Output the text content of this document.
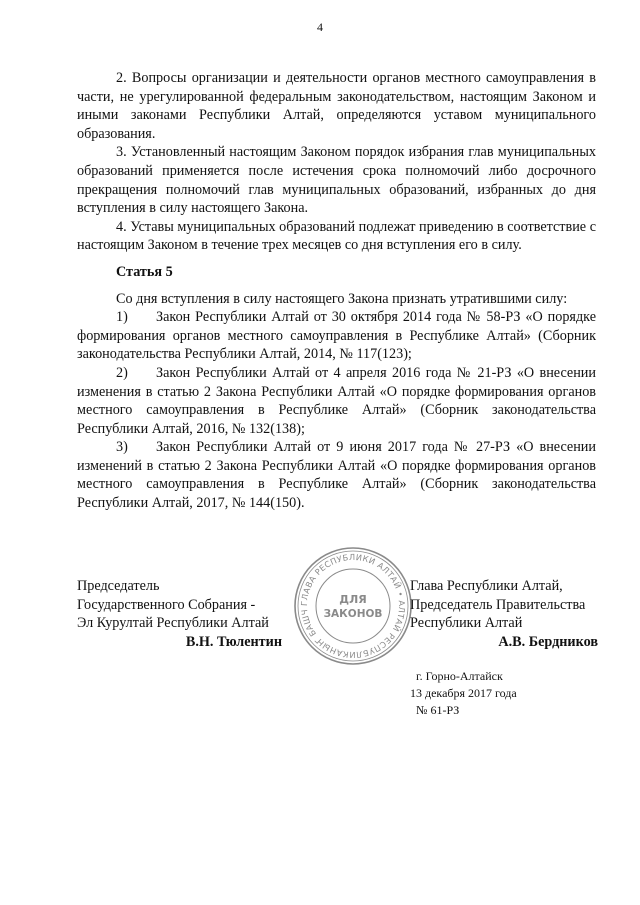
4

2. Вопросы организации и деятельности органов местного самоуправления в части, не урегулированной федеральным законодательством, настоящим Законом и иными законами Республики Алтай, определяются уставом муниципального образования.

3. Установленный настоящим Законом порядок избрания глав муниципальных образований применяется после истечения срока полномочий либо досрочного прекращения полномочий глав муниципальных образований, избранных до дня вступления в силу настоящего Закона.

4. Уставы муниципальных образований подлежат приведению в соответствие с настоящим Законом в течение трех месяцев со дня вступления его в силу.

Статья 5

Со дня вступления в силу настоящего Закона признать утратившими силу:

1) Закон Республики Алтай от 30 октября 2014 года № 58-РЗ «О порядке формирования органов местного самоуправления в Республике Алтай» (Сборник законодательства Республики Алтай, 2014, № 117(123);

2) Закон Республики Алтай от 4 апреля 2016 года № 21-РЗ «О внесении изменения в статью 2 Закона Республики Алтай «О порядке формирования органов местного самоуправления в Республике Алтай» (Сборник законодательства Республики Алтай, 2016, № 132(138);

3) Закон Республики Алтай от 9 июня 2017 года № 27-РЗ «О внесении изменений в статью 2 Закона Республики Алтай «О порядке формирования органов местного самоуправления в Республике Алтай» (Сборник законодательства Республики Алтай, 2017, № 144(150).

Председатель
Государственного Собрания -
Эл Курултай Республики Алтай
В.Н. Тюлентин
ГЛАВА РЕСПУБЛИКИ АЛТАЙ • АЛТАЙ РЕСПУБЛИКАНЫҤ БАШЧ
ДЛЯ
ЗАКОНОВ
Глава Республики Алтай,
Председатель Правительства
Республики Алтай
А.В. Бердников
г. Горно-Алтайск
13 декабря 2017 года
№ 61-РЗ
